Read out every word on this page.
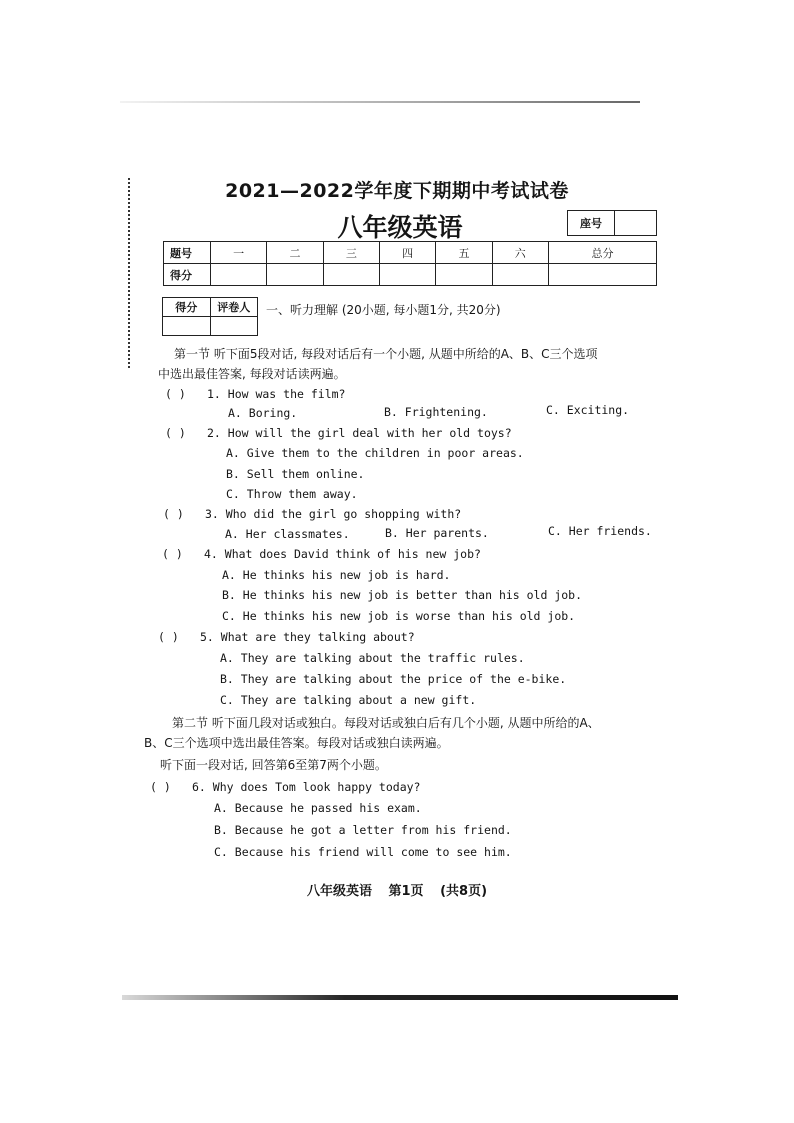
2021—2022学年度下期期中考试试卷
八年级英语	座号
题号	一	二	三	四	五	六	总分
得分							
得分	评卷人
	一、听力理解 (20小题, 每小题1分, 共20分)
第一节 听下面5段对话, 每段对话后有一个小题, 从题中所给的A、B、C三个选项
中选出最佳答案, 每段对话读两遍。
( ) 1. How was the film?
A. Boring.	B. Frightening.	C. Exciting.
( ) 2. How will the girl deal with her old toys?
A. Give them to the children in poor areas.
B. Sell them online.
C. Throw them away.
( ) 3. Who did the girl go shopping with?
A. Her classmates.	B. Her parents.	C. Her friends.
( ) 4. What does David think of his new job?
A. He thinks his new job is hard.
B. He thinks his new job is better than his old job.
C. He thinks his new job is worse than his old job.
( ) 5. What are they talking about?
A. They are talking about the traffic rules.
B. They are talking about the price of the e-bike.
C. They are talking about a new gift.
第二节 听下面几段对话或独白。每段对话或独白后有几个小题, 从题中所给的A、
B、C三个选项中选出最佳答案。每段对话或独白读两遍。
听下面一段对话, 回答第6至第7两个小题。
( ) 6. Why does Tom look happy today?
A. Because he passed his exam.
B. Because he got a letter from his friend.
C. Because his friend will come to see him.
八年级英语 第1页 (共8页)
